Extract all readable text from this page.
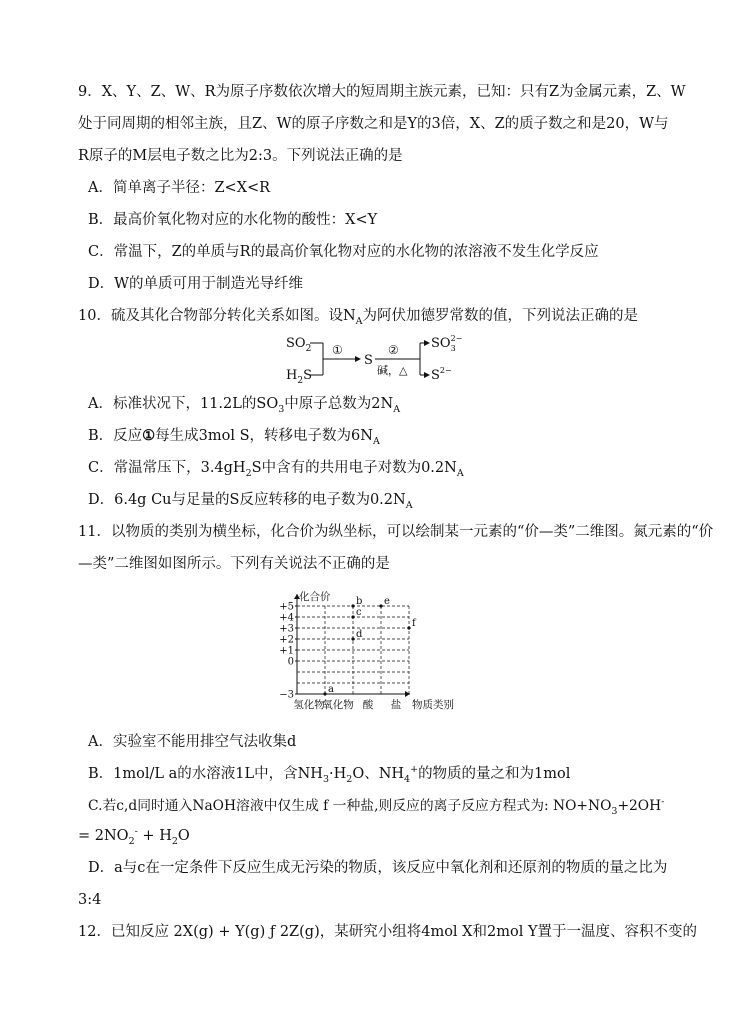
9．X、Y、Z、W、R为原子序数依次增大的短周期主族元素，已知：只有Z为金属元素，Z、W
处于同周期的相邻主族，且Z、W的原子序数之和是Y的3倍，X、Z的质子数之和是20，W与
R原子的M层电子数之比为2:3。下列说法正确的是
A．简单离子半径：Z<X<R
B．最高价氧化物对应的水化物的酸性：X<Y
C．常温下，Z的单质与R的最高价氧化物对应的水化物的浓溶液不发生化学反应
D．W的单质可用于制造光导纤维
10．硫及其化合物部分转化关系如图。设$N_A$为阿伏加德罗常数的值，下列说法正确的是
$SO_2$
$H_2S$
①
S
②
碱，△
$SO_32-$
$S^{2-}$
A．标准状况下，11.2L的$SO_3$中原子总数为$2N_A$
B．反应①每生成3mol S，转移电子数为$6N_A$
C．常温常压下，$3.4gH_2S$中含有的共用电子对数为$0.2N_A$
D．6.4g Cu与足量的S反应转移的电子数为$0.2N_A$
11．以物质的类别为横坐标，化合价为纵坐标，可以绘制某一元素的“价—类”二维图。氮元素的“价
—类”二维图如图所示。下列有关说法不正确的是
+5
+4
+3
+2
+1
0
−3
化合价
氢化物
氧化物 酸 盐 物质类别
a
b
c
d
e
f
A．实验室不能用排空气法收集d
B．1mol/L a的水溶液1L中，含$NH_3\cdot H_2O$、$NH_4^+$的物质的量之和为1mol
C.若c,d同时通入NaOH溶液中仅生成 f 一种盐,则反应的离子反应方程式为: $NO+NO_3+2OH^-$
= $2NO_2^- + H_2O$
D．a与c在一定条件下反应生成无污染的物质，该反应中氧化剂和还原剂的物质的量之比为
3:4
12．已知反应 2X(g) + Y(g) ƒ 2Z(g)，某研究小组将4mol X和2mol Y置于一温度、容积不变的
